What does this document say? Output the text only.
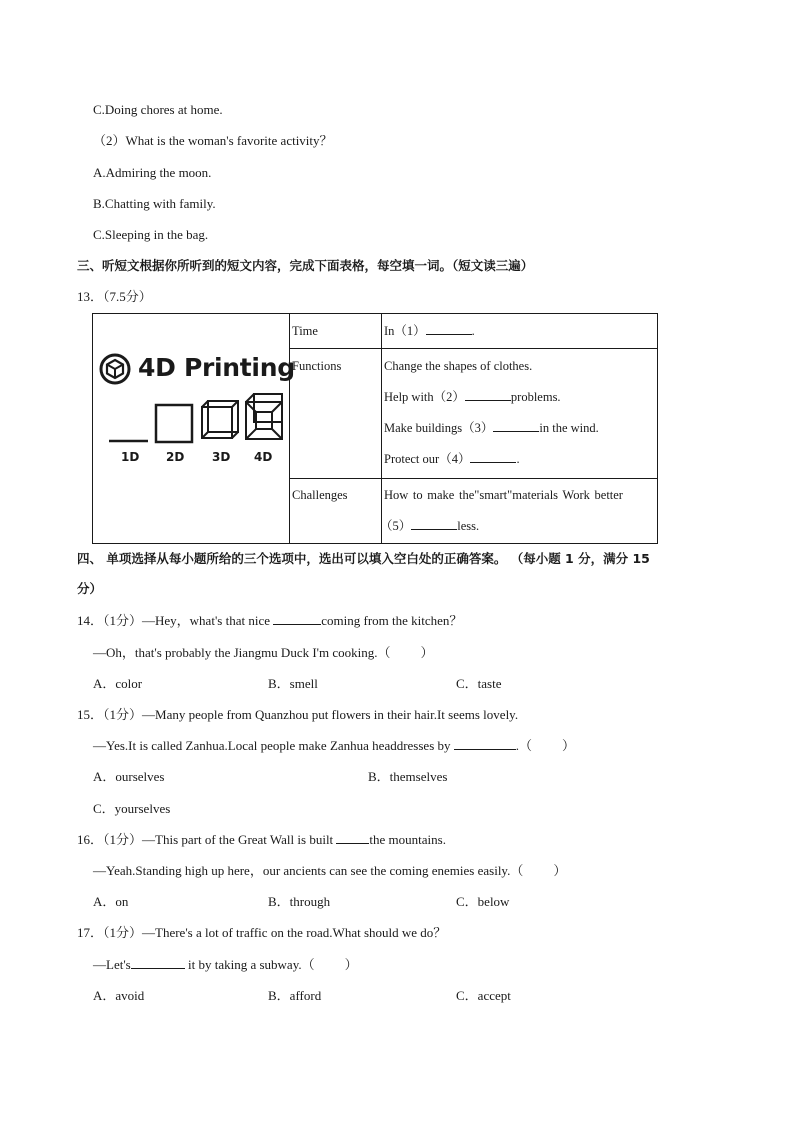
C.Doing chores at home.
（2）What is the woman's favorite activity？
A.Admiring the moon.
B.Chatting with family.
C.Sleeping in the bag.
三、听短文根据你所听到的短文内容，完成下面表格，每空填一词。（短文读三遍）
13．（7.5分）
4D Printing
1D 2D 3D 4D
Time	In（1）	.
Functions	Change the shapes of clothes.
Help with（2）	problems.
Make buildings（3）	in the wind.
Protect our（4）	.
Challenges	How to make the"smart"materials Work better
（5）	less.
四、 单项选择从每小题所给的三个选项中，选出可以填入空白处的正确答案。 （每小题 1 分，满分 15
分）
14．（1分）—Hey，what's that nice	coming from the kitchen？
—Oh，that's probably the Jiangmu Duck I'm cooking.（ ）
A．color	B．smell	C．taste
15．（1分）—Many people from Quanzhou put flowers in their hair.It seems lovely.
—Yes.It is called Zanhua.Local people make Zanhua headdresses by	.（ ）
A．ourselves	B．themselves
C．yourselves
16．（1分）—This part of the Great Wall is built	the mountains.
—Yeah.Standing high up here，our ancients can see the coming enemies easily.（ ）
A．on	B．through	C．below
17．（1分）—There's a lot of traffic on the road.What should we do？
—Let's	it by taking a subway.（ ）
A．avoid	B．afford	C．accept
